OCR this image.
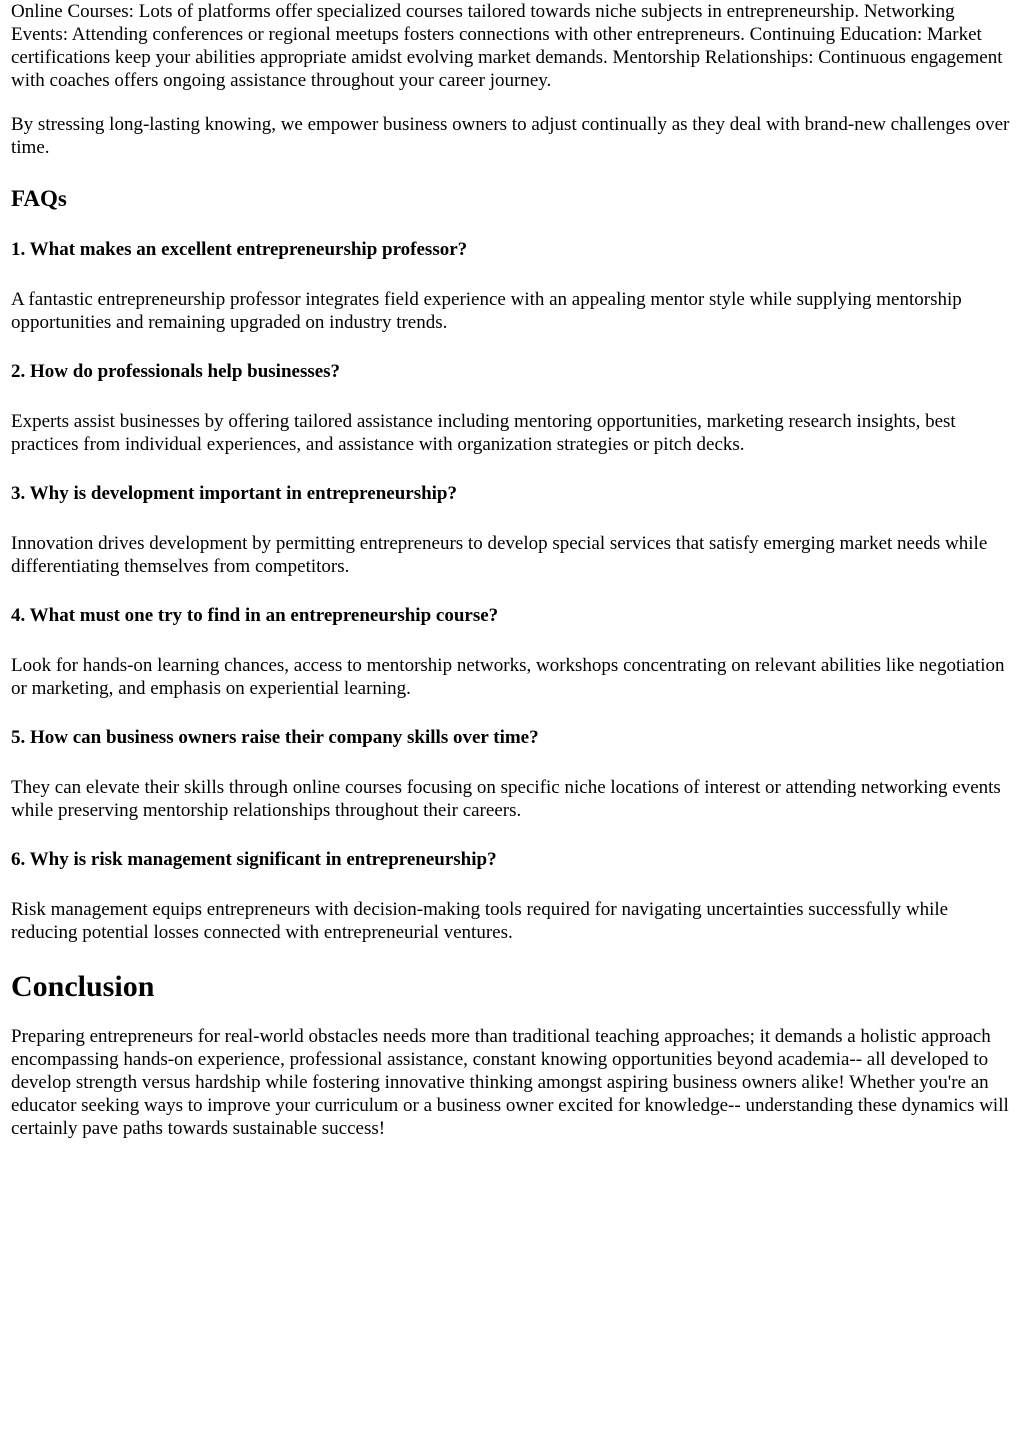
Online Courses: Lots of platforms offer specialized courses tailored towards niche subjects in entrepreneurship. Networking Events: Attending conferences or regional meetups fosters connections with other entrepreneurs. Continuing Education: Market certifications keep your abilities appropriate amidst evolving market demands. Mentorship Relationships: Continuous engagement with coaches offers ongoing assistance throughout your career journey.

By stressing long-lasting knowing, we empower business owners to adjust continually as they deal with brand-new challenges over time.

FAQs
1. What makes an excellent entrepreneurship professor?

A fantastic entrepreneurship professor integrates field experience with an appealing mentor style while supplying mentorship opportunities and remaining upgraded on industry trends.

2. How do professionals help businesses?

Experts assist businesses by offering tailored assistance including mentoring opportunities, marketing research insights, best practices from individual experiences, and assistance with organization strategies or pitch decks.

3. Why is development important in entrepreneurship?

Innovation drives development by permitting entrepreneurs to develop special services that satisfy emerging market needs while differentiating themselves from competitors.

4. What must one try to find in an entrepreneurship course?

Look for hands-on learning chances, access to mentorship networks, workshops concentrating on relevant abilities like negotiation or marketing, and emphasis on experiential learning.

5. How can business owners raise their company skills over time?

They can elevate their skills through online courses focusing on specific niche locations of interest or attending networking events while preserving mentorship relationships throughout their careers.

6. Why is risk management significant in entrepreneurship?

Risk management equips entrepreneurs with decision-making tools required for navigating uncertainties successfully while reducing potential losses connected with entrepreneurial ventures.

Conclusion

Preparing entrepreneurs for real-world obstacles needs more than traditional teaching approaches; it demands a holistic approach encompassing hands-on experience, professional assistance, constant knowing opportunities beyond academia-- all developed to develop strength versus hardship while fostering innovative thinking amongst aspiring business owners alike! Whether you're an educator seeking ways to improve your curriculum or a business owner excited for knowledge-- understanding these dynamics will certainly pave paths towards sustainable success!
